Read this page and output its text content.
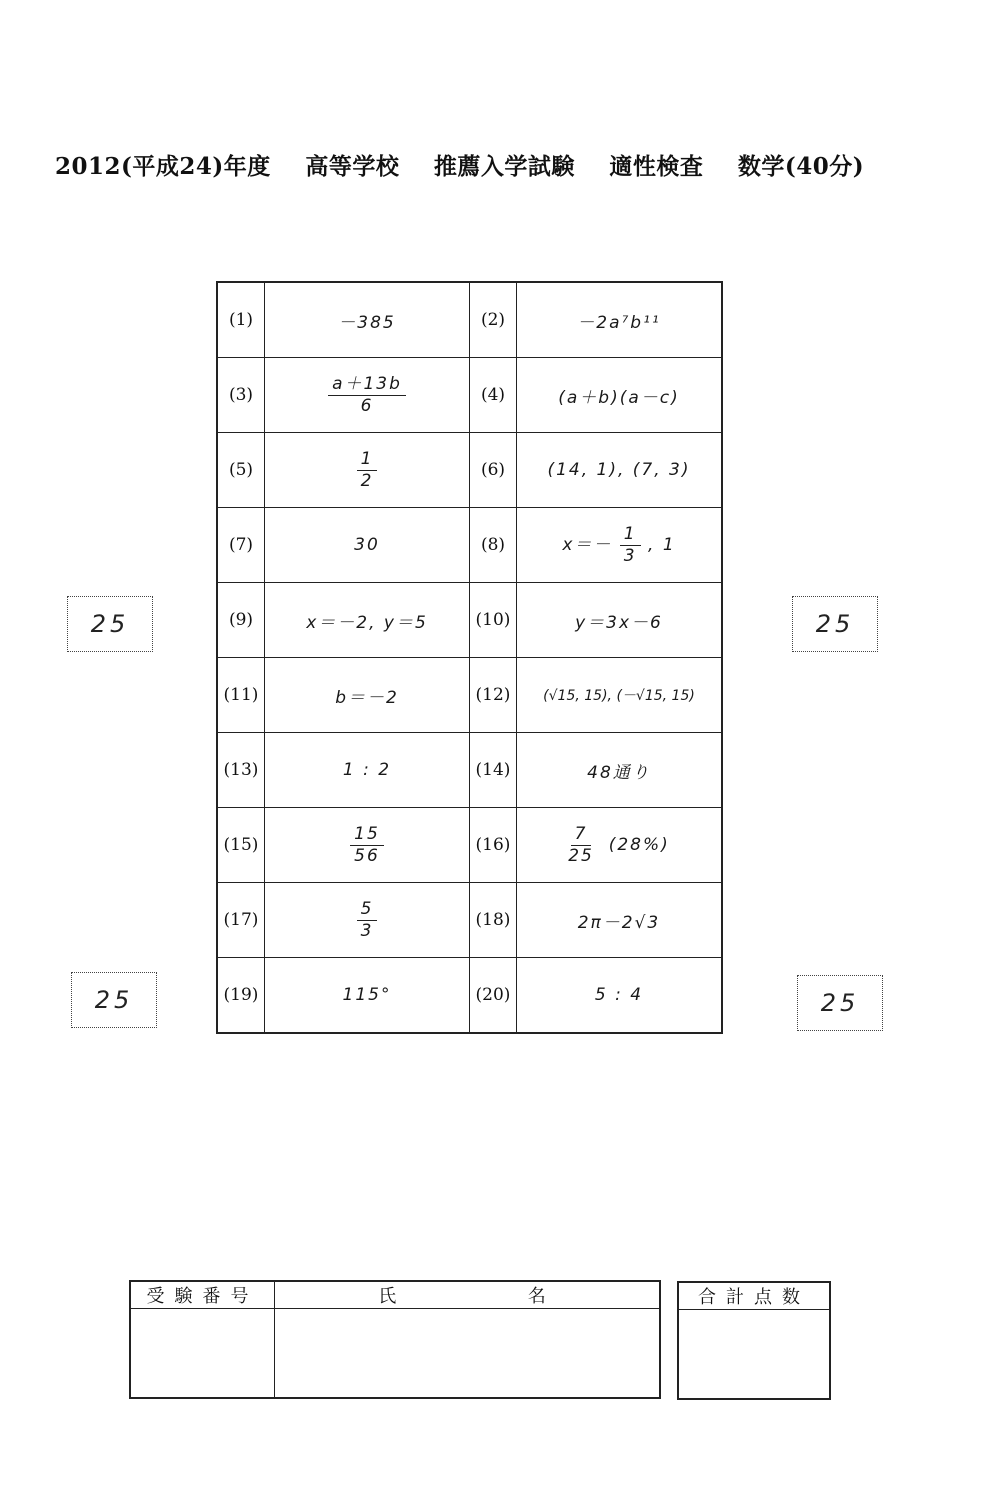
2012(平成24)年度 高等学校 推薦入学試験 適性検査 数学(40分)
(1)	－385	(2)	－2a⁷b¹¹
(3)	$\frac{a+13b}{6}$	(4)	(a＋b)(a－c)
(5)	$\frac{1}{2}$	(6)	(14, 1), (7, 3)
(7)	30	(8)	$x=- \frac{1}{3}$ , 1
(9)	x＝－2, y＝5	(10)	y＝3x－6
(11)	b＝－2	(12)	(√15, 15), (－√15, 15)
(13)	1 : 2	(14)	48通り
(15)	$\frac{15}{56}$	(16)	$\frac{7}{25} (28\%)$
(17)	$\frac{5}{3}$	(18)	2π－2√3
(19)	115°	(20)	5 : 4
25	25
25	25
受験番号	氏 名
		合計点数
